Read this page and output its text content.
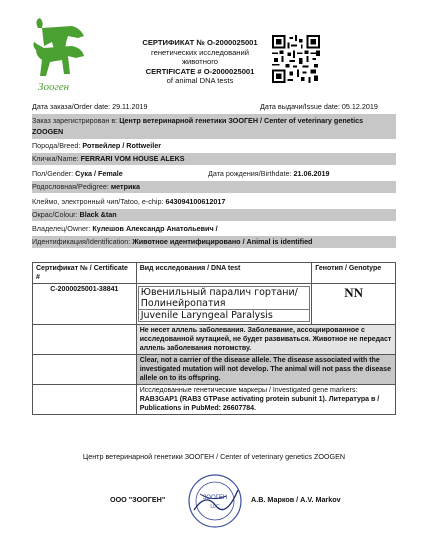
Зооген
СЕРТИФИКАТ № О-2000025001
генетических исследований
животного
CERTIFICATE # О-2000025001
of animal DNA tests
Дата заказа/Order date: 29.11.2019	Дата выдачи/Issue date: 05.12.2019
Заказ зарегистрирован в: Центр ветеринарной генетики ЗООГЕН / Center of veterinary genetics ZOOGEN
Порода/Breed: Ротвейлер / Rottweiler
Кличка/Name: FERRARI VOM HOUSE ALEKS
Пол/Gender: Сука / Female	Дата рождения/Birthdate: 21.06.2019
Родословная/Pedigree: метрика
Клеймо, электронный чип/Tatoo, e-chip: 643094100612017
Окрас/Colour: Black &tan
Владелец/Owner: Кулешов Александр Анатольевич /
Идентификация/Identification: Животное идентифицировано / Animal is identified
Сертификат № / Certificate #	Вид исследования / DNA test	Генотип / Genotype
C-2000025001-38841	Ювенильный паралич гортани/Полинейропатия
Juvenile Laryngeal Paralysis	NN
	Не несет аллель заболевания. Заболевание, ассоциированное с исследованной мутацией, не будет развиваться. Животное не передаст аллель заболевания потомству.	
	Clear, not a carrier of the disease allele. The disease associated with the investigated mutation will not develop. The animal will not pass the disease allele on to its offspring.	
	Исследованные генетические маркеры / Investigated gene markers: RAB3GAP1 (RAB3 GTPase activating protein subunit 1). Литература в / Publications in PubMed: 26607784.	
Центр ветеринарной генетики ЗООГЕН / Center of veterinary genetics ZOOGEN
ООО "ЗООГЕН"	ЗООГЕН
LLC
А.В. Марков / A.V. Markov
